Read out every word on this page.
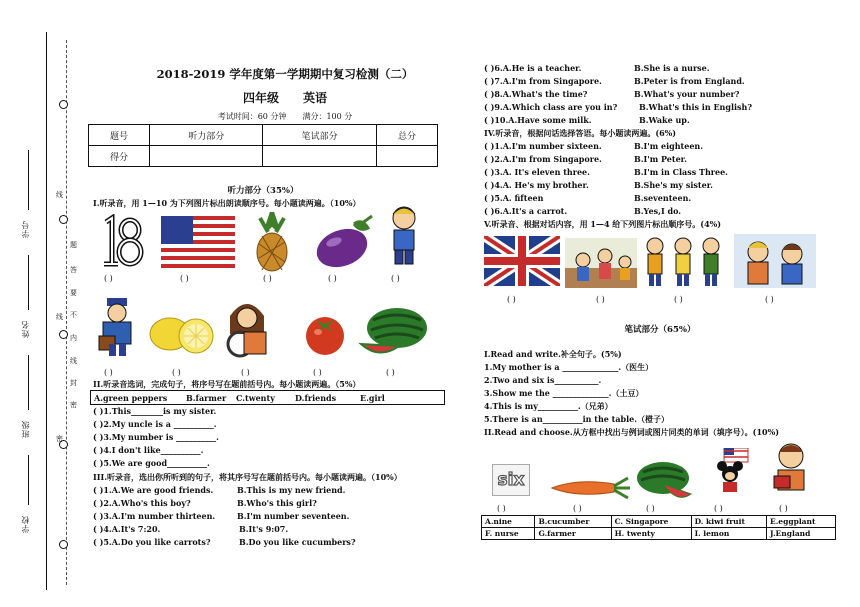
线
线
密
题
答
要
不
内
线
封
密
学号
姓名
班级
学校
2018-2019 学年度第一学期期中复习检测（二）
四年级　　英语
考试时间：60 分钟　　满分：100 分
题号	听力部分	笔试部分	总分
得分			
听力部分（35%）
I.听录音，用 1—10 为下列图片标出朗读顺序号。每小题读两遍。（10%）
( )	( )	( )	( )	( )
( )	( )	( )	( )	( )
II.听录音选词，完成句子，将序号写在题前括号内。每小题读两遍。（5%）
A.green peppers B.farmer C.twenty	D.friends	E.girl
( )1.This________is my sister.
( )2.My uncle is a __________.
( )3.My number is __________.
( )4.I don't like__________.
( )5.We are good__________.
III.听录音，选出你所听到的句子，将其序号写在题前括号内。每小题读两遍。（10%）
( )1.A.We are good friends.	B.This is my new friend.
( )2.A.Who's this boy?	B.Who's this girl?
( )3.A.I'm number thirteen.	B.I'm number seventeen.
( )4.A.It's 7:20.	B.It's 9:07.
( )5.A.Do you like carrots?	B.Do you like cucumbers?
( )6.A.He is a teacher.	B.She is a nurse.
( )7.A.I'm from Singapore.	B.Peter is from England.
( )8.A.What's the time?	B.What's your number?
( )9.A.Which class are you in?	B.What's this in English?
( )10.A.Have some milk.	B.Wake up.
IV.听录音，根据问话选择答语。每小题读两遍。(6%)
( )1.A.I'm number sixteen.	B.I'm eighteen.
( )2.A.I'm from Singapore.	B.I'm Peter.
( )3.A. It's eleven three.	B.I'm in Class Three.
( )4.A. He's my brother.	B.She's my sister.
( )5.A. fifteen	B.seventeen.
( )6.A.It's a carrot.	B.Yes,I do.
V.听录音、根据对话内容，用 1—4 给下列图片标出顺序号。(4%)
( )	( )	( )	( )
笔试部分（65%）
I.Read and write.补全句子。(5%)
1.My mother is a ______________.（医生）
2.Two and six is___________.
3.Show me the ______________.（土豆）
4.This is my__________.（兄弟）
5.There is an__________in the table.（橙子）
II.Read and choose.从方框中找出与例词或图片同类的单词（填序号）。(10%)
six
( )	( )	( )	( )	( )
A.nine	B.cucumber	C. Singapore	D. kiwi fruit	E.eggplant
F. nurse	G.farmer	H. twenty	I. lemon	J.England
